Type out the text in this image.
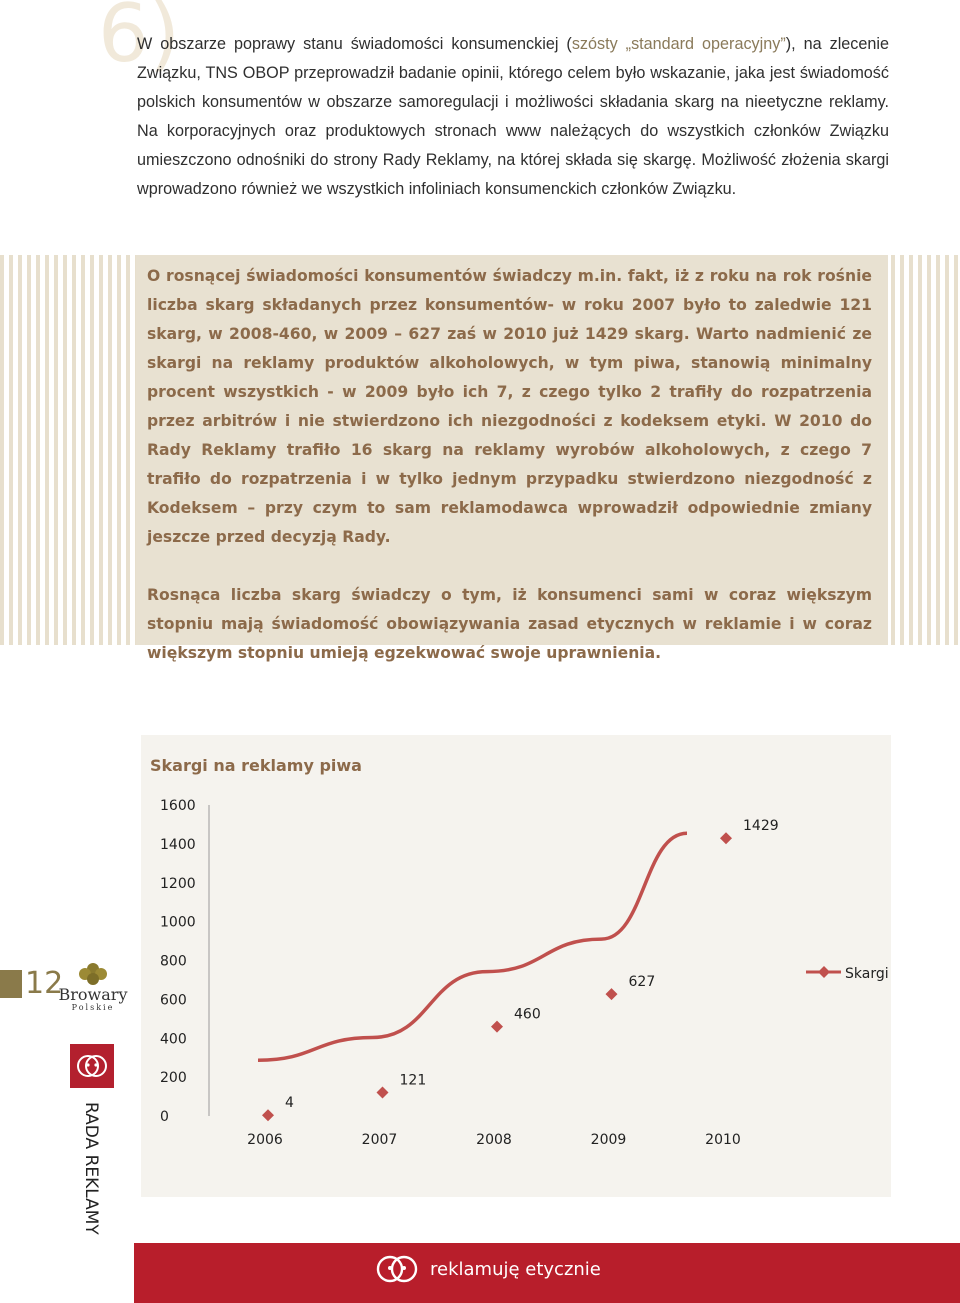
6)
W obszarze poprawy stanu świadomości konsumenckiej (szósty „standard operacyjny”), na zlecenie Związku, TNS OBOP przeprowadził badanie opinii, którego celem było wskazanie, jaka jest świadomość polskich konsumentów w obszarze samoregulacji i możliwości składania skarg na nieetyczne reklamy. Na korporacyjnych oraz produktowych stronach www należących do wszystkich członków Związku umieszczono odnośniki do strony Rady Reklamy, na której składa się skargę. Możliwość złożenia skargi wprowadzono również we wszystkich infoliniach konsumenckich członków Związku.

O rosnącej świadomości konsumentów świadczy m.in. fakt, iż z roku na rok rośnie liczba skarg składanych przez konsumentów- w roku 2007 było to zaledwie 121 skarg, w 2008-460, w 2009 – 627 zaś w 2010 już 1429 skarg. Warto nadmienić ze skargi na reklamy produktów alkoholowych, w tym piwa, stanowią minimalny procent wszystkich - w 2009 było ich 7, z czego tylko 2 trafiły do rozpatrzenia przez arbitrów i nie stwierdzono ich niezgodności z kodeksem etyki. W 2010 do Rady Reklamy trafiło 16 skarg na reklamy wyrobów alkoholowych, z czego 7 trafiło do rozpatrzenia i w tylko jednym przypadku stwierdzono niezgodność z Kodeksem – przy czym to sam reklamodawca wprowadził odpowiednie zmiany jeszcze przed decyzją Rady.

Rosnąca liczba skarg świadczy o tym, iż konsumenci sami w coraz większym stopniu mają świadomość obowiązywania zasad etycznych w reklamie i w coraz większym stopniu umieją egzekwować swoje uprawnienia.

Skargi na reklamy piwa
0
200
400
600
800
1000
1200
1400
1600
2006	2007	2008	2009	2010
4
121
460
627
1429
Skargi
12
Browary
Polskie
RADA REKLAMY
reklamuję etycznie
